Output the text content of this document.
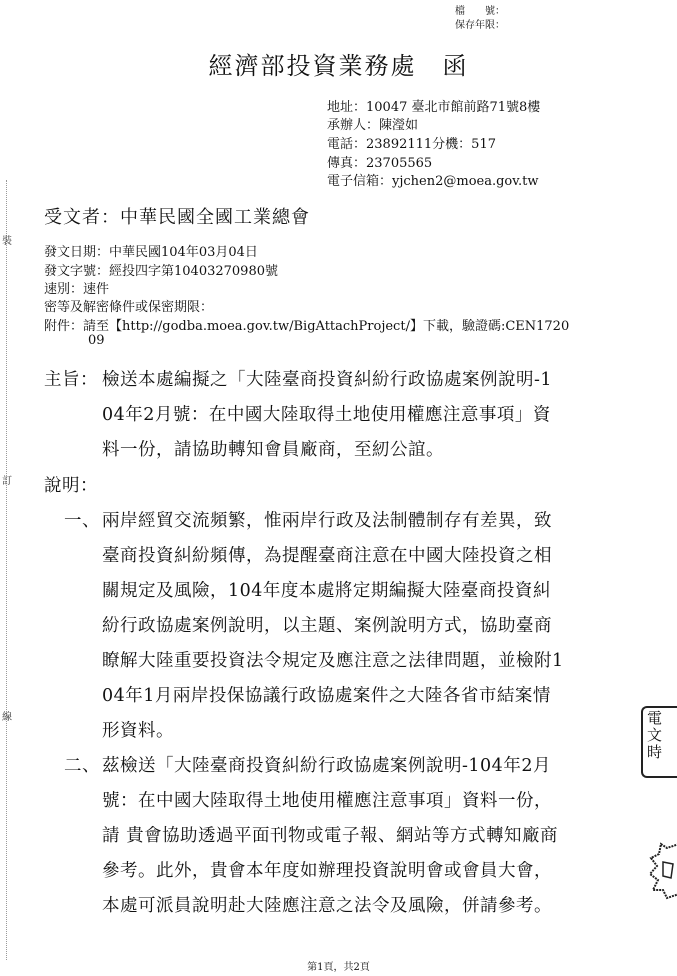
裝
訂
線
檔　　號：
保存年限：
經濟部投資業務處 函
地址：10047 臺北市館前路71號8樓
承辦人：陳瀅如
電話：23892111分機：517
傳真：23705565
電子信箱：yjchen2@moea.gov.tw
受文者：中華民國全國工業總會
發文日期：中華民國104年03月04日
發文字號：經投四字第10403270980號
速別：速件
密等及解密條件或保密期限：
附件：請至【http://godba.moea.gov.tw/BigAttachProject/】下載，驗證碼:CEN1720
09
主旨： 檢送本處編擬之「大陸臺商投資糾紛行政協處案例說明-1
04年2月號：在中國大陸取得土地使用權應注意事項」資
料一份，請協助轉知會員廠商，至紉公誼。
說明：
一、 兩岸經貿交流頻繁，惟兩岸行政及法制體制存有差異，致
臺商投資糾紛頻傳，為提醒臺商注意在中國大陸投資之相
關規定及風險，104年度本處將定期編擬大陸臺商投資糾
紛行政協處案例說明，以主題、案例說明方式，協助臺商
瞭解大陸重要投資法令規定及應注意之法律問題，並檢附1
04年1月兩岸投保協議行政協處案件之大陸各省市結案情
形資料。
二、 茲檢送「大陸臺商投資糾紛行政協處案例說明-104年2月
號：在中國大陸取得土地使用權應注意事項」資料一份，
請 貴會協助透過平面刊物或電子報、網站等方式轉知廠商
參考。此外，貴會本年度如辦理投資說明會或會員大會，
本處可派員說明赴大陸應注意之法令及風險，併請參考。
電
文
時
第1頁，共2頁
